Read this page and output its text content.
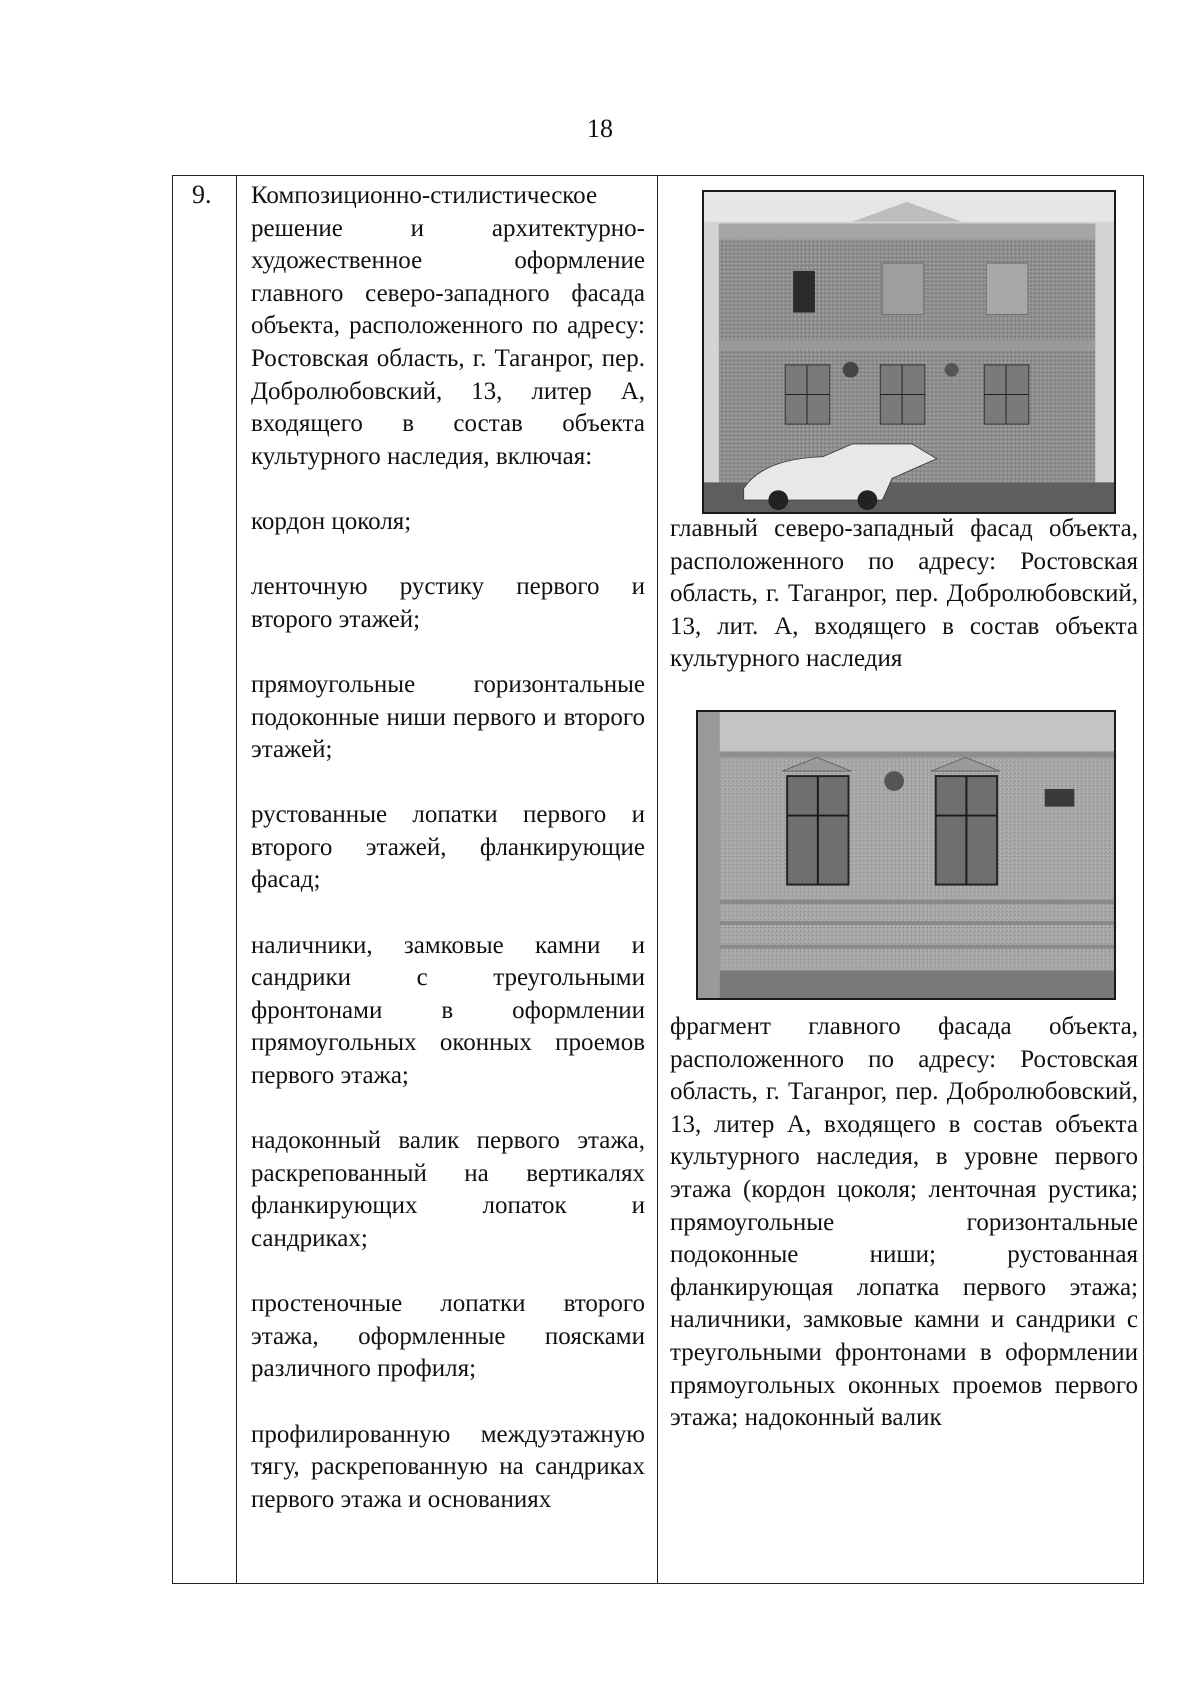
18
9. Композиционно-стилистическое решение и архитектурно-художественное оформление главного северо-западного фасада объекта, расположенного по адресу: Ростовская область, г. Таганрог, пер. Добролюбовский, 13, литер А, входящего в состав объекта культурного наследия, включая:

кордон цоколя;

ленточную рустику первого и второго этажей;

прямоугольные горизонтальные подоконные ниши первого и второго этажей;

рустованные лопатки первого и второго этажей, фланкирующие фасад;

наличники, замковые камни и сандрики с треугольными фронтонами в оформлении прямоугольных оконных проемов первого этажа;

надоконный валик первого этажа, раскрепованный на вертикалях фланкирующих лопаток и сандриках;

простеночные лопатки второго этажа, оформленные поясками различного профиля;

профилированную междуэтажную тягу, раскрепованную на сандриках первого этажа и основаниях

главный северо-западный фасад объекта, расположенного по адресу: Ростовская область, г. Таганрог, пер. Добролюбовский, 13, лит. А, входящего в состав объекта культурного наследия
фрагмент главного фасада объекта, расположенного по адресу: Ростовская область, г. Таганрог, пер. Добролюбовский, 13, литер А, входящего в состав объекта культурного наследия, в уровне первого этажа (кордон цоколя; ленточная рустика; прямоугольные горизонтальные подоконные ниши; рустованная фланкирующая лопатка первого этажа; наличники, замковые камни и сандрики с треугольными фронтонами в оформлении прямоугольных оконных проемов первого этажа; надоконный валик
